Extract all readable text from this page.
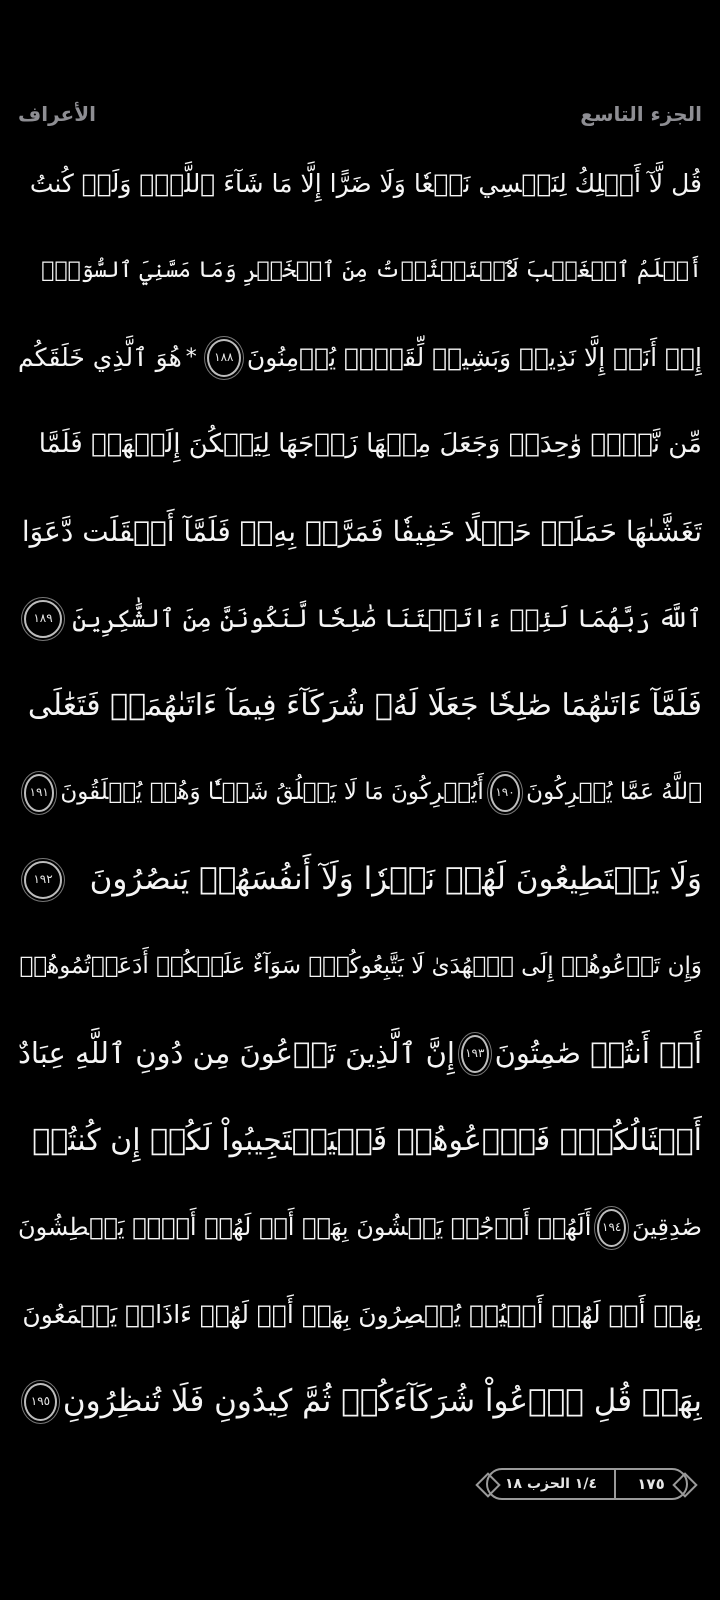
الأعراف	الجزء التاسع
قُل لَّآ أَمۡلِكُ لِنَفۡسِي نَفۡعٗا وَلَا ضَرًّا إِلَّا مَا شَآءَ ٱللَّهُۚ وَلَوۡ كُنتُ
أَعۡلَمُ ٱلۡغَيۡبَ لَٱسۡتَكۡثَرۡتُ مِنَ ٱلۡخَيۡرِ وَمَا مَسَّنِيَ ٱلسُّوٓءُۚ
إِنۡ أَنَا۠ إِلَّا نَذِيرٞ وَبَشِيرٞ لِّقَوۡمٖ يُؤۡمِنُونَ
١٨٨
*
هُوَ ٱلَّذِي خَلَقَكُم
مِّن نَّفۡسٖ وَٰحِدَةٖ وَجَعَلَ مِنۡهَا زَوۡجَهَا لِيَسۡكُنَ إِلَيۡهَاۖ فَلَمَّا
تَغَشَّىٰهَا حَمَلَتۡ حَمۡلًا خَفِيفٗا فَمَرَّتۡ بِهِۦۖ فَلَمَّآ أَثۡقَلَت دَّعَوَا
ٱللَّهَ رَبَّهُمَا لَئِنۡ ءَاتَيۡتَنَا صَٰلِحٗا لَّنَكُونَنَّ مِنَ ٱلشَّٰكِرِينَ
١٨٩
فَلَمَّآ ءَاتَىٰهُمَا صَٰلِحٗا جَعَلَا لَهُۥ شُرَكَآءَ فِيمَآ ءَاتَىٰهُمَاۚ فَتَعَٰلَى
ٱللَّهُ عَمَّا يُشۡرِكُونَ
١٩٠
أَيُشۡرِكُونَ مَا لَا يَخۡلُقُ شَيۡـٔٗا وَهُمۡ يُخۡلَقُونَ
١٩١
وَلَا يَسۡتَطِيعُونَ لَهُمۡ نَصۡرٗا وَلَآ أَنفُسَهُمۡ يَنصُرُونَ
١٩٢
وَإِن تَدۡعُوهُمۡ إِلَى ٱلۡهُدَىٰ لَا يَتَّبِعُوكُمۡۚ سَوَآءٌ عَلَيۡكُمۡ أَدَعَوۡتُمُوهُمۡ
أَمۡ أَنتُمۡ صَٰمِتُونَ
١٩٣
إِنَّ ٱلَّذِينَ تَدۡعُونَ مِن دُونِ ٱللَّهِ عِبَادٌ
أَمۡثَالُكُمۡۖ فَٱدۡعُوهُمۡ فَلۡيَسۡتَجِيبُواْ لَكُمۡ إِن كُنتُمۡ
صَٰدِقِينَ
١٩٤
أَلَهُمۡ أَرۡجُلٞ يَمۡشُونَ بِهَآۖ أَمۡ لَهُمۡ أَيۡدٖ يَبۡطِشُونَ
بِهَآۖ أَمۡ لَهُمۡ أَعۡيُنٞ يُبۡصِرُونَ بِهَآۖ أَمۡ لَهُمۡ ءَاذَانٞ يَسۡمَعُونَ
بِهَاۗ قُلِ ٱدۡعُواْ شُرَكَآءَكُمۡ ثُمَّ كِيدُونِ فَلَا تُنظِرُونِ
١٩٥
١/٤ الحزب ١٨	١٧٥
